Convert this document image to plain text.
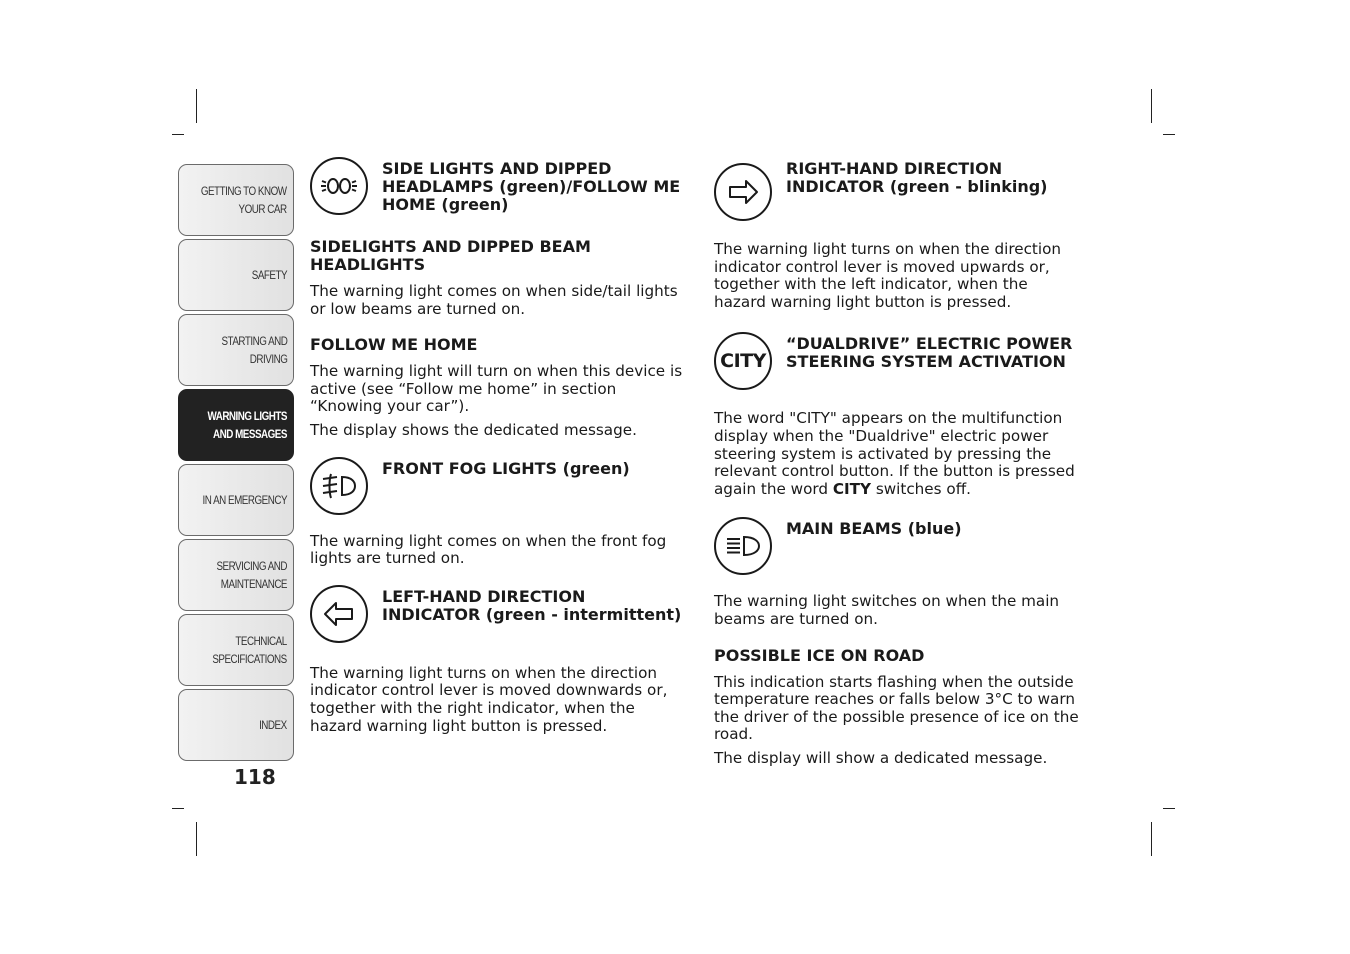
GETTING TO KNOW
YOUR CAR
SAFETY
STARTING AND
DRIVING
WARNING LIGHTS
AND MESSAGES
IN AN EMERGENCY
SERVICING AND
MAINTENANCE
TECHNICAL
SPECIFICATIONS
INDEX
118
SIDE LIGHTS AND DIPPED
HEADLAMPS (green)/FOLLOW ME
HOME (green)
SIDELIGHTS AND DIPPED BEAM HEADLIGHTS

The warning light comes on when side/tail lights or low beams are turned on.

FOLLOW ME HOME

The warning light will turn on when this device is active (see “Follow me home” in section “Knowing your car”).

The display shows the dedicated message.

FRONT FOG LIGHTS (green)

The warning light comes on when the front fog lights are turned on.

LEFT-HAND DIRECTION
INDICATOR (green - intermittent)

The warning light turns on when the direction indicator control lever is moved downwards or, together with the right indicator, when the hazard warning light button is pressed.

RIGHT-HAND DIRECTION
INDICATOR (green - blinking)

The warning light turns on when the direction indicator control lever is moved upwards or, together with the left indicator, when the hazard warning light button is pressed.

CITY
“DUALDRIVE” ELECTRIC POWER
STEERING SYSTEM ACTIVATION

The word "CITY" appears on the multifunction display when the "Dualdrive" electric power steering system is activated by pressing the relevant control button. If the button is pressed again the word CITY switches off.

MAIN BEAMS (blue)

The warning light switches on when the main beams are turned on.

POSSIBLE ICE ON ROAD

This indication starts flashing when the outside temperature reaches or falls below 3°C to warn the driver of the possible presence of ice on the road.

The display will show a dedicated message.
